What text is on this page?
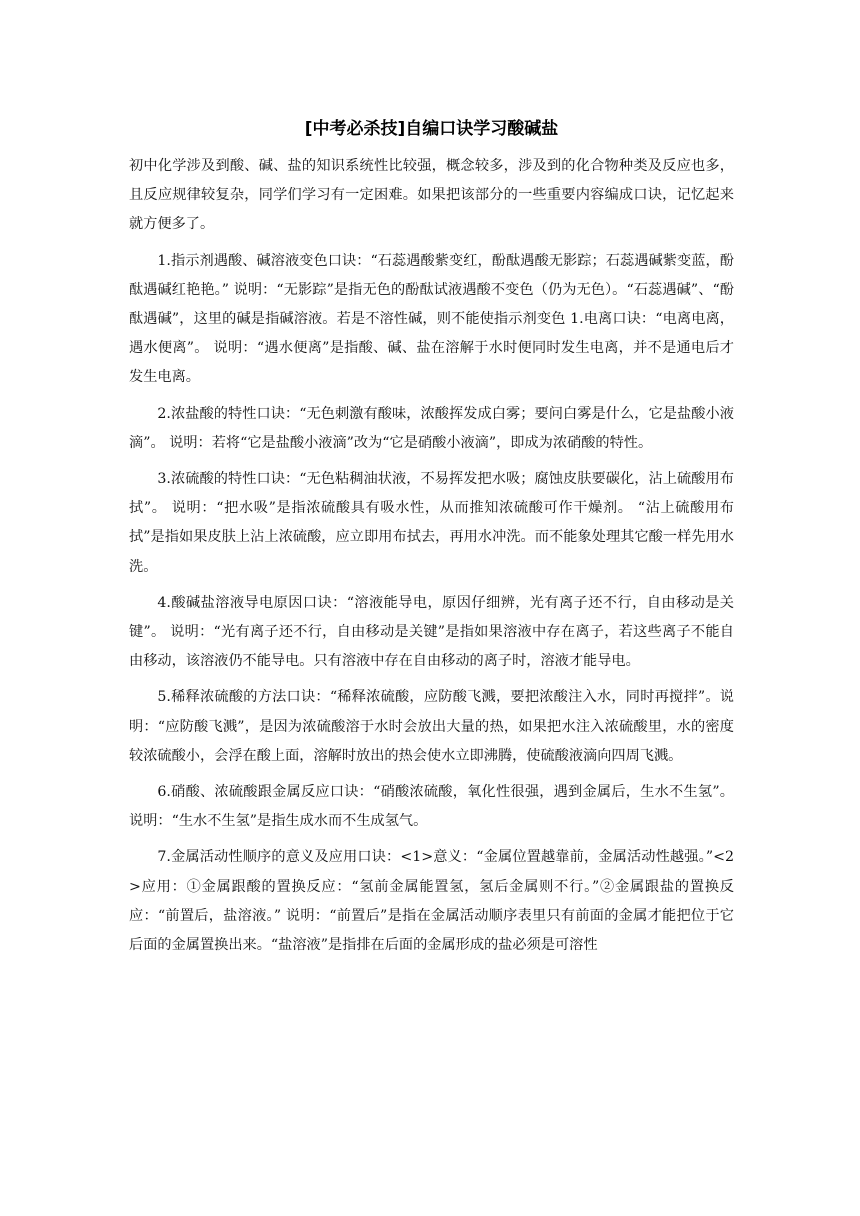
[中考必杀技]自编口诀学习酸碱盐

初中化学涉及到酸、碱、盐的知识系统性比较强，概念较多，涉及到的化合物种类及反应也多，且反应规律较复杂，同学们学习有一定困难。如果把该部分的一些重要内容编成口诀，记忆起来就方便多了。

1.指示剂遇酸、碱溶液变色口诀：“石蕊遇酸紫变红，酚酞遇酸无影踪；石蕊遇碱紫变蓝，酚酞遇碱红艳艳。” 说明：“无影踪”是指无色的酚酞试液遇酸不变色（仍为无色）。“石蕊遇碱”、“酚酞遇碱”，这里的碱是指碱溶液。若是不溶性碱，则不能使指示剂变色 1.电离口诀：“电离电离，遇水便离”。 说明：“遇水便离”是指酸、碱、盐在溶解于水时便同时发生电离，并不是通电后才发生电离。

2.浓盐酸的特性口诀：“无色刺激有酸味，浓酸挥发成白雾；要问白雾是什么，它是盐酸小液滴”。 说明：若将“它是盐酸小液滴”改为“它是硝酸小液滴”，即成为浓硝酸的特性。

3.浓硫酸的特性口诀：“无色粘稠油状液，不易挥发把水吸；腐蚀皮肤要碳化，沾上硫酸用布拭”。 说明：“把水吸”是指浓硫酸具有吸水性，从而推知浓硫酸可作干燥剂。 “沾上硫酸用布拭”是指如果皮肤上沾上浓硫酸，应立即用布拭去，再用水冲洗。而不能象处理其它酸一样先用水洗。

4.酸碱盐溶液导电原因口诀：“溶液能导电，原因仔细辨，光有离子还不行，自由移动是关键”。 说明：“光有离子还不行，自由移动是关键”是指如果溶液中存在离子，若这些离子不能自由移动，该溶液仍不能导电。只有溶液中存在自由移动的离子时，溶液才能导电。

5.稀释浓硫酸的方法口诀：“稀释浓硫酸，应防酸飞溅，要把浓酸注入水，同时再搅拌”。说明：“应防酸飞溅”，是因为浓硫酸溶于水时会放出大量的热，如果把水注入浓硫酸里，水的密度较浓硫酸小，会浮在酸上面，溶解时放出的热会使水立即沸腾，使硫酸液滴向四周飞溅。

6.硝酸、浓硫酸跟金属反应口诀：“硝酸浓硫酸，氧化性很强，遇到金属后，生水不生氢”。 说明：“生水不生氢”是指生成水而不生成氢气。

7.金属活动性顺序的意义及应用口诀：<1>意义：“金属位置越靠前，金属活动性越强。”<2>应用：①金属跟酸的置换反应：“氢前金属能置氢，氢后金属则不行。”②金属跟盐的置换反应：“前置后，盐溶液。” 说明：“前置后”是指在金属活动顺序表里只有前面的金属才能把位于它后面的金属置换出来。“盐溶液”是指排在后面的金属形成的盐必须是可溶性
